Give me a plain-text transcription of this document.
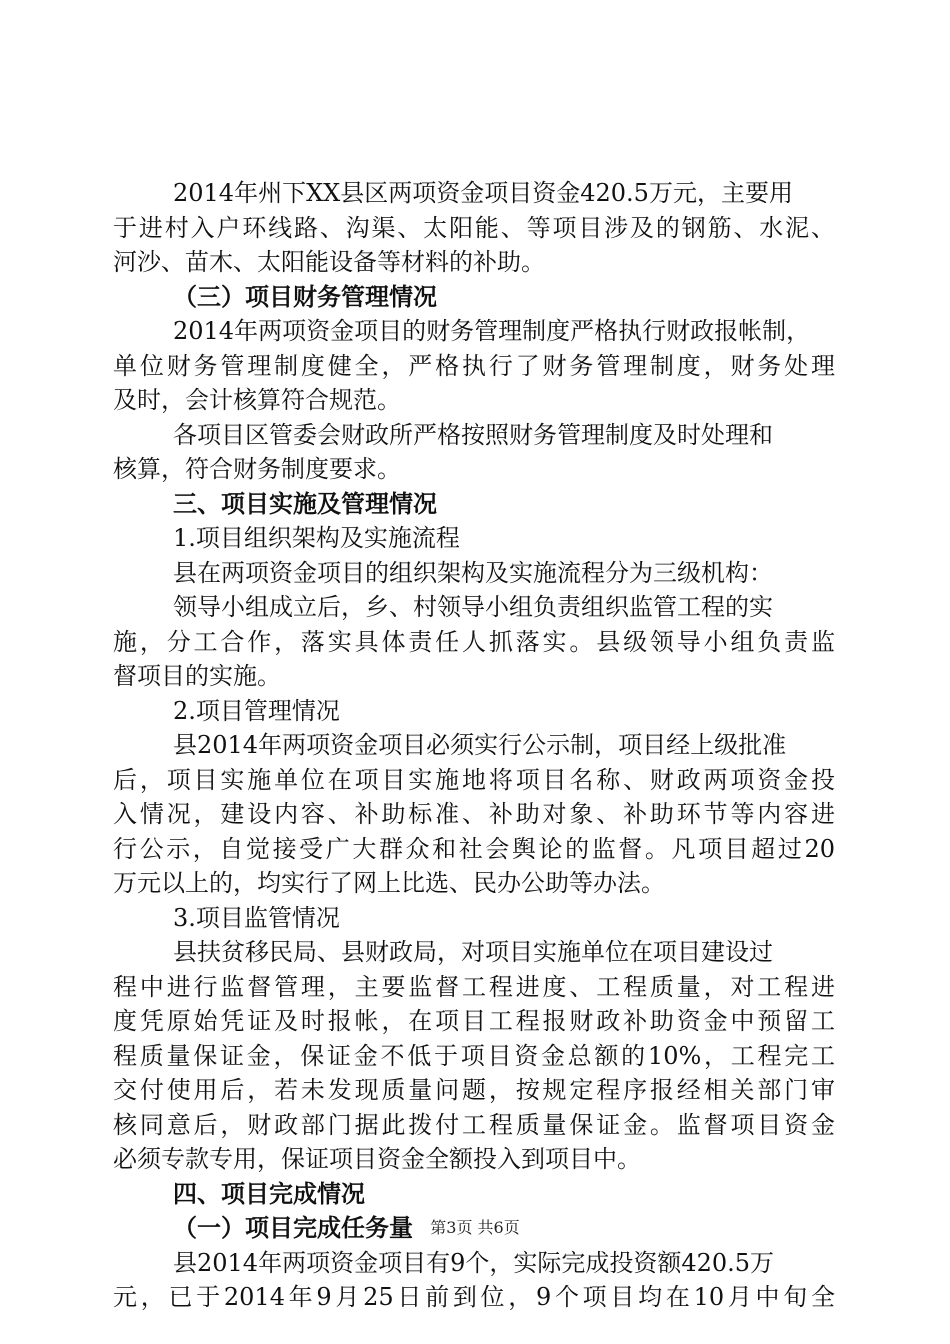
2014年州下XX县区两项资金项目资金420.5万元，主要用
于进村入户环线路、沟渠、太阳能、等项目涉及的钢筋、水泥、
河沙、苗木、太阳能设备等材料的补助。
（三）项目财务管理情况
2014年两项资金项目的财务管理制度严格执行财政报帐制，
单位财务管理制度健全，严格执行了财务管理制度，财务处理
及时，会计核算符合规范。
各项目区管委会财政所严格按照财务管理制度及时处理和
核算，符合财务制度要求。
三、项目实施及管理情况
1.项目组织架构及实施流程
县在两项资金项目的组织架构及实施流程分为三级机构：
领导小组成立后，乡、村领导小组负责组织监管工程的实
施，分工合作，落实具体责任人抓落实。县级领导小组负责监
督项目的实施。
2.项目管理情况
县2014年两项资金项目必须实行公示制，项目经上级批准
后，项目实施单位在项目实施地将项目名称、财政两项资金投
入情况，建设内容、补助标准、补助对象、补助环节等内容进
行公示，自觉接受广大群众和社会舆论的监督。凡项目超过20
万元以上的，均实行了网上比选、民办公助等办法。
3.项目监管情况
县扶贫移民局、县财政局，对项目实施单位在项目建设过
程中进行监督管理，主要监督工程进度、工程质量，对工程进
度凭原始凭证及时报帐，在项目工程报财政补助资金中预留工
程质量保证金，保证金不低于项目资金总额的10%，工程完工
交付使用后，若未发现质量问题，按规定程序报经相关部门审
核同意后，财政部门据此拨付工程质量保证金。监督项目资金
必须专款专用，保证项目资金全额投入到项目中。
四、项目完成情况
（一）项目完成任务量
县2014年两项资金项目有9个，实际完成投资额420.5万
元，已于2014年9月25日前到位，9个项目均在10月中旬全
第3页 共6页
